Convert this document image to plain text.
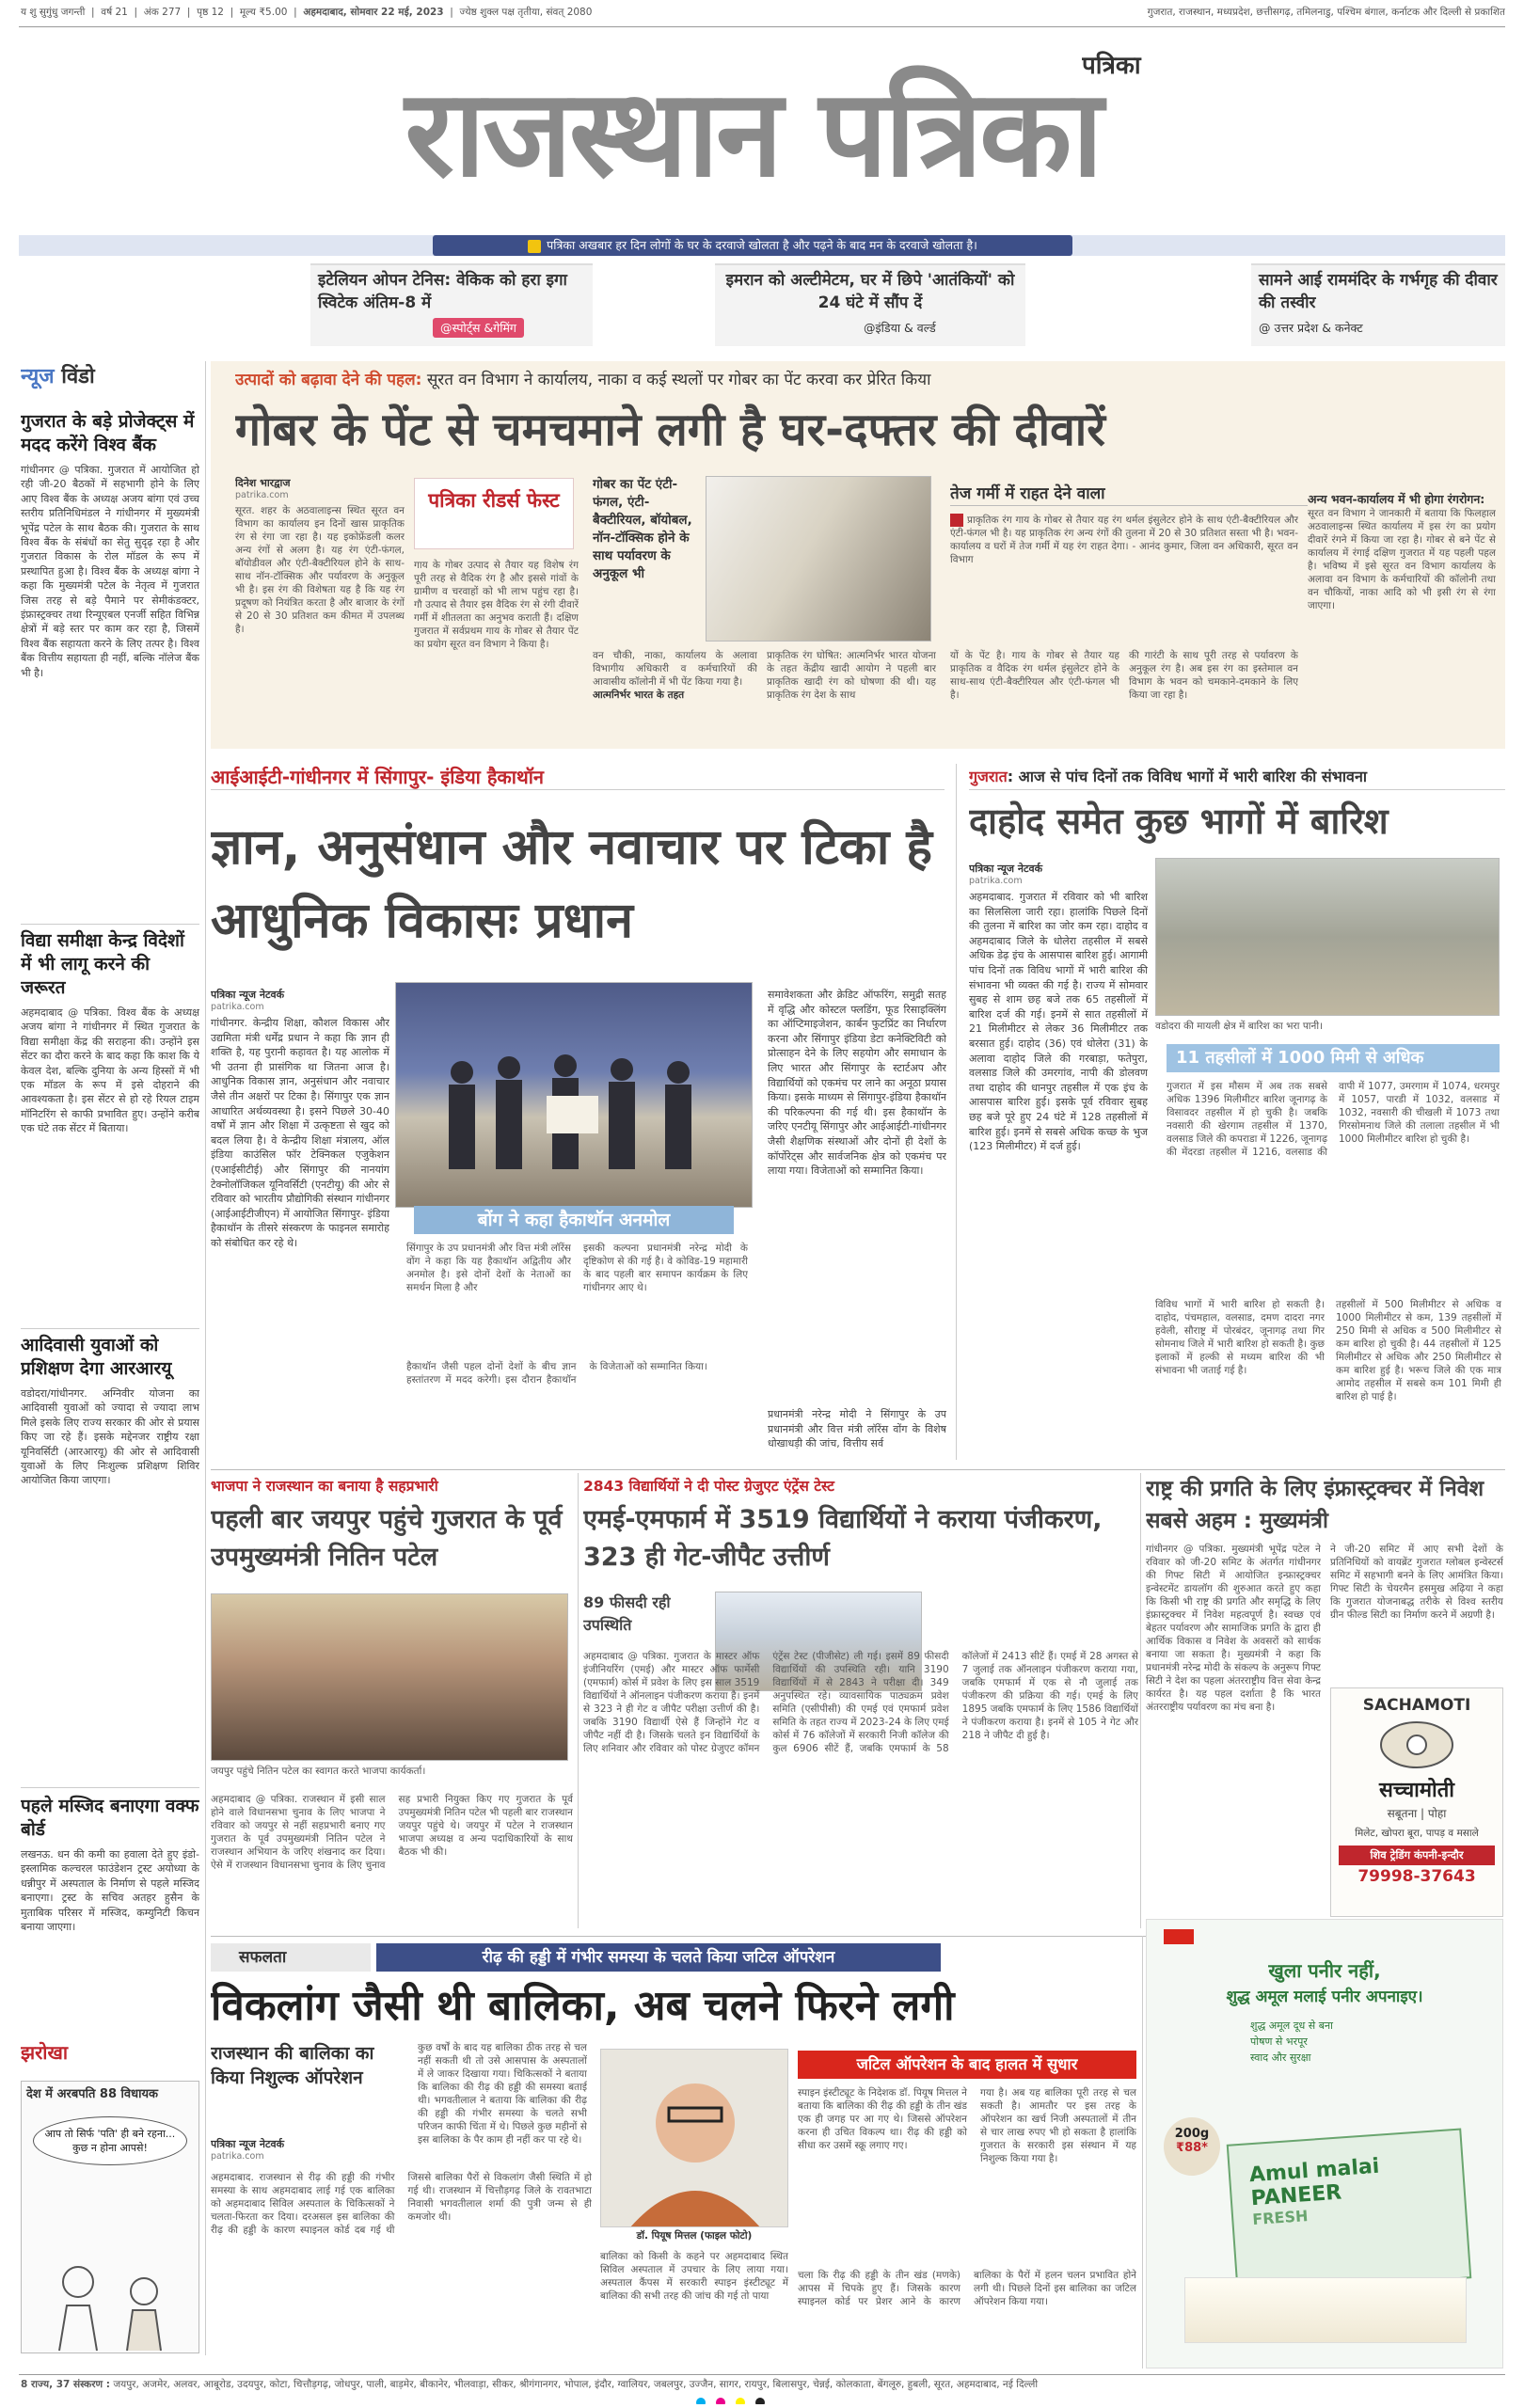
य शु सुगुंधु जगन्ती  |  वर्ष 21  |  अंक 277  |  पृष्ठ 12  |  मूल्य ₹5.00  |  अहमदाबाद, सोमवार 22 मई, 2023  |  ज्येष्ठ शुक्ल पक्ष तृतीया, संवत् 2080	गुजरात, राजस्थान, मध्यप्रदेश, छत्तीसगढ़, तमिलनाडु, पश्चिम बंगाल, कर्नाटक और दिल्ली से प्रकाशित
पत्रिका
राजस्थान पत्रिका
पत्रिका अखबार हर दिन लोगों के घर के दरवाजे खोलता है और पढ़ने के बाद मन के दरवाजे खोलता है।
इटेलियन ओपन टेनिस: वेकिक को हरा इगा स्विटेक अंतिम-8 में
@स्पोर्ट्स &गेमिंग
इमरान को अल्टीमेटम, घर में छिपे 'आतंकियों' को 24 घंटे में सौंप दें
@इंडिया & वर्ल्ड
सामने आई राममंदिर के गर्भगृह की दीवार की तस्वीर
@ उत्तर प्रदेश & कनेक्ट
न्यूज विंडो
गुजरात के बड़े प्रोजेक्ट्स में मदद करेंगे विश्व बैंक
गांधीनगर @ पत्रिका. गुजरात में आयोजित हो रही जी-20 बैठकों में सहभागी होने के लिए आए विश्व बैंक के अध्यक्ष अजय बांगा एवं उच्च स्तरीय प्रतिनिधिमंडल ने गांधीनगर में मुख्यमंत्री भूपेंद्र पटेल के साथ बैठक की। गुजरात के साथ विश्व बैंक के संबंधों का सेतु सुदृढ़ रहा है और गुजरात विकास के रोल मॉडल के रूप में प्रस्थापित हुआ है। विश्व बैंक के अध्यक्ष बांगा ने कहा कि मुख्यमंत्री पटेल के नेतृत्व में गुजरात जिस तरह से बड़े पैमाने पर सेमीकंडक्टर, इंफ्रास्ट्रक्चर तथा रिन्यूएबल एनर्जी सहित विभिन्न क्षेत्रों में बड़े स्तर पर काम कर रहा है, जिसमें विश्व बैंक सहायता करने के लिए तत्पर है। विश्व बैंक वित्तीय सहायता ही नहीं, बल्कि नॉलेज बैंक भी है।
विद्या समीक्षा केन्द्र विदेशों में भी लागू करने की जरूरत
अहमदाबाद @ पत्रिका. विश्व बैंक के अध्यक्ष अजय बांगा ने गांधीनगर में स्थित गुजरात के विद्या समीक्षा केंद्र की सराहना की। उन्होंने इस सेंटर का दौरा करने के बाद कहा कि काश कि ये केवल देश, बल्कि दुनिया के अन्य हिस्सों में भी एक मॉडल के रूप में इसे दोहराने की आवश्यकता है। इस सेंटर से हो रहे रियल टाइम मॉनिटरिंग से काफी प्रभावित हुए। उन्होंने करीब एक घंटे तक सेंटर में बिताया।
आदिवासी युवाओं को प्रशिक्षण देगा आरआरयू
वडोदरा/गांधीनगर. अग्निवीर योजना का आदिवासी युवाओं को ज्यादा से ज्यादा लाभ मिले इसके लिए राज्य सरकार की ओर से प्रयास किए जा रहे हैं। इसके मद्देनजर राष्ट्रीय रक्षा यूनिवर्सिटी (आरआरयू) की ओर से आदिवासी युवाओं के लिए निःशुल्क प्रशिक्षण शिविर आयोजित किया जाएगा।
पहले मस्जिद बनाएगा वक्फ बोर्ड
लखनऊ. धन की कमी का हवाला देते हुए इंडो-इस्लामिक कल्चरल फाउंडेशन ट्रस्ट अयोध्या के धन्नीपुर में अस्पताल के निर्माण से पहले मस्जिद बनाएगा। ट्रस्ट के सचिव अतहर हुसैन के मुताबिक परिसर में मस्जिद, कम्युनिटी किचन बनाया जाएगा।
झरोखा
देश में अरबपति 88 विधायक
आप तो सिर्फ 'पति' ही बने रहना... कुछ न होना आपसे!
उत्पादों को बढ़ावा देने की पहल: सूरत वन विभाग ने कार्यालय, नाका व कई स्थलों पर गोबर का पेंट करवा कर प्रेरित किया
गोबर के पेंट से चमचमाने लगी है घर-दफ्तर की दीवारें
दिनेश भारद्वाज
patrika.com
सूरत. शहर के अठवालाइन्स स्थित सूरत वन विभाग का कार्यालय इन दिनों खास प्राकृतिक रंग से रंगा जा रहा है। यह इकोफ्रेंडली कलर अन्य रंगों से अलग है। यह रंग एंटी-फंगल, बॉयोडीवल और एंटी-बैक्टीरियल होने के साथ-साथ नॉन-टॉक्सिक और पर्यावरण के अनुकूल भी है। इस रंग की विशेषता यह है कि यह रंग प्रदूषण को नियंत्रित करता है और बाजार के रंगों से 20 से 30 प्रतिशत कम कीमत में उपलब्ध है।
पत्रिका रीडर्स फेस्ट
गाय के गोबर उत्पाद से तैयार यह विशेष रंग पूरी तरह से वैदिक रंग है और इससे गांवों के ग्रामीण व चरवाहों को भी लाभ पहुंच रहा है। गौ उत्पाद से तैयार इस वैदिक रंग से रंगी दीवारें गर्मी में शीतलता का अनुभव कराती हैं। दक्षिण गुजरात में सर्वप्रथम गाय के गोबर से तैयार पेंट का प्रयोग सूरत वन विभाग ने किया है।
गोबर का पेंट एंटी-फंगल, एंटी-बैक्टीरियल, बॉयोबल, नॉन-टॉक्सिक होने के साथ पर्यावरण के अनुकूल भी
वन चौकी, नाका, कार्यालय के अलावा विभागीय अधिकारी व कर्मचारियों की आवासीय कॉलोनी में भी पेंट किया गया है।
आत्मनिर्भर भारत के तहत
प्राकृतिक रंग घोषित: आत्मनिर्भर भारत योजना के तहत केंद्रीय खादी आयोग ने पहली बार प्राकृतिक खादी रंग को घोषणा की थी। यह प्राकृतिक रंग देश के साथ
तेज गर्मी में राहत देने वाला
प्राकृतिक रंग गाय के गोबर से तैयार यह रंग थर्मल इंसुलेटर होने के साथ एंटी-बैक्टीरियल और एंटी-फंगल भी है। यह प्राकृतिक रंग अन्य रंगों की तुलना में 20 से 30 प्रतिशत सस्ता भी है। भवन-कार्यालय व घरों में तेज गर्मी में यह रंग राहत देगा। - आनंद कुमार, जिला वन अधिकारी, सूरत वन विभाग
यों के पेंट है। गाय के गोबर से तैयार यह प्राकृतिक व वैदिक रंग थर्मल इंसुलेटर होने के साथ-साथ एंटी-बैक्टीरियल और एंटी-फंगल भी है।
की गारंटी के साथ पूरी तरह से पर्यावरण के अनुकूल रंग है। अब इस रंग का इस्तेमाल वन विभाग के भवन को चमकाने-दमकाने के लिए किया जा रहा है।
अन्य भवन-कार्यालय में भी होगा रंगरोगन:
सूरत वन विभाग ने जानकारी में बताया कि फिलहाल अठवालाइन्स स्थित कार्यालय में इस रंग का प्रयोग दीवारें रंगने में किया जा रहा है। गोबर से बने पेंट से कार्यालय में रंगाई दक्षिण गुजरात में यह पहली पहल है। भविष्य में इसे सूरत वन विभाग कार्यालय के अलावा वन विभाग के कर्मचारियों की कॉलोनी तथा वन चौकियों, नाका आदि को भी इसी रंग से रंगा जाएगा।
आईआईटी-गांधीनगर में सिंगापुर- इंडिया हैकाथॉन
ज्ञान, अनुसंधान और नवाचार पर टिका है आधुनिक विकासः प्रधान
पत्रिका न्यूज नेटवर्क
patrika.com
गांधीनगर. केन्द्रीय शिक्षा, कौशल विकास और उद्यमिता मंत्री धर्मेंद्र प्रधान ने कहा कि ज्ञान ही शक्ति है, यह पुरानी कहावत है। यह आलोक में भी उतना ही प्रासंगिक था जितना आज है। आधुनिक विकास ज्ञान, अनुसंधान और नवाचार जैसे तीन अक्षरों पर टिका है। सिंगापुर एक ज्ञान आधारित अर्थव्यवस्था है। इसने पिछले 30-40 वर्षों में ज्ञान और शिक्षा में उत्कृष्टता से खुद को बदल लिया है। वे केन्द्रीय शिक्षा मंत्रालय, ऑल इंडिया काउंसिल फॉर टेक्निकल एजुकेशन (एआईसीटीई) और सिंगापुर की नानयांग टेक्नोलॉजिकल यूनिवर्सिटी (एनटीयू) की ओर से रविवार को भारतीय प्रौद्योगिकी संस्थान गांधीनगर (आईआईटीजीएन) में आयोजित सिंगापुर- इंडिया हैकाथॉन के तीसरे संस्करण के फाइनल समारोह को संबोधित कर रहे थे।
बोंग ने कहा हैकाथॉन अनमोल
सिंगापुर के उप प्रधानमंत्री और वित्त मंत्री लॉरेंस वोंग ने कहा कि यह हैकाथॉन अद्वितीय और अनमोल है। इसे दोनों देशों के नेताओं का समर्थन मिला है और
इसकी कल्पना प्रधानमंत्री नरेन्द्र मोदी के दृष्टिकोण से की गई है। वे कोविड-19 महामारी के बाद पहली बार समापन कार्यक्रम के लिए गांधीनगर आए थे।
हैकाथॉन जैसी पहल दोनों देशों के बीच ज्ञान हस्तांतरण में मदद करेगी। इस दौरान हैकाथॉन के विजेताओं को सम्मानित किया।
समावेशकता और क्रेडिट ऑफरिंग, समुद्री सतह में वृद्धि और कोस्टल फ्लडिंग, फूड रिसाइक्लिंग का ऑप्टिमाइजेशन, कार्बन फुटप्रिंट का निर्धारण करना और सिंगापुर इंडिया डेटा कनेक्टिविटी को प्रोत्साहन देने के लिए सहयोग और समाधान के लिए भारत और सिंगापुर के स्टार्टअप और विद्यार्थियों को एकमंच पर लाने का अनूठा प्रयास किया। इसके माध्यम से सिंगापुर-इंडिया हैकाथॉन की परिकल्पना की गई थी। इस हैकाथॉन के जरिए एनटीयू सिंगापुर और आईआईटी-गांधीनगर जैसी शैक्षणिक संस्थाओं और दोनों ही देशों के कॉर्पोरेट्स और सार्वजनिक क्षेत्र को एकमंच पर लाया गया। विजेताओं को सम्मानित किया।
प्रधानमंत्री नरेन्द्र मोदी ने सिंगापुर के उप प्रधानमंत्री और वित्त मंत्री लॉरेंस वोंग के विशेष धोखाधड़ी की जांच, वित्तीय सर्व
गुजरात: आज से पांच दिनों तक विविध भागों में भारी बारिश की संभावना
दाहोद समेत कुछ भागों में बारिश
पत्रिका न्यूज नेटवर्क
patrika.com
अहमदाबाद. गुजरात में रविवार को भी बारिश का सिलसिला जारी रहा। हालांकि पिछले दिनों की तुलना में बारिश का जोर कम रहा। दाहोद व अहमदाबाद जिले के धोलेरा तहसील में सबसे अधिक डेढ़ इंच के आसपास बारिश हुई। आगामी पांच दिनों तक विविध भागों में भारी बारिश की संभावना भी व्यक्त की गई है। राज्य में सोमवार सुबह से शाम छह बजे तक 65 तहसीलों में बारिश दर्ज की गई। इनमें से सात तहसीलों में 21 मिलीमीटर से लेकर 36 मिलीमीटर तक बरसात हुई। दाहोद (36) एवं धोलेरा (31) के अलावा दाहोद जिले की गरबाड़ा, फतेपुरा, वलसाड जिले की उमरगांव, नापी की डोलवण तथा दाहोद की धानपुर तहसील में एक इंच के आसपास बारिश हुई। इसके पूर्व रविवार सुबह छह बजे पूरे हुए 24 घंटे में 128 तहसीलों में बारिश हुई। इनमें से सबसे अधिक कच्छ के भुज (123 मिलीमीटर) में दर्ज हुई।
वडोदरा की मायली क्षेत्र में बारिश का भरा पानी।
11 तहसीलों में 1000 मिमी से अधिक
गुजरात में इस मौसम में अब तक सबसे अधिक 1396 मिलीमीटर बारिश जूनागढ़ के विसावदर तहसील में हो चुकी है। जबकि नवसारी की खेरगाम तहसील में 1370, वलसाड जिले की कपराडा में 1226, जूनागढ़ की मेंदरडा तहसील में 1216, वलसाड की वापी में 1077, उमरगाम में 1074, धरमपुर में 1057, पारडी में 1032, वलसाड में 1032, नवसारी की चीखली में 1073 तथा गिरसोमनाथ जिले की तलाला तहसील में भी 1000 मिलीमीटर बारिश हो चुकी है।
विविध भागों में भारी बारिश हो सकती है। दाहोद, पंचमहाल, वलसाड, दमण दादरा नगर हवेली, सौराष्ट्र में पोरबंदर, जूनागढ़ तथा गिर सोमनाथ जिले में भारी बारिश हो सकती है। कुछ इलाकों में हल्की से मध्यम बारिश की भी संभावना भी जताई गई है।
तहसीलों में 500 मिलीमीटर से अधिक व 1000 मिलीमीटर से कम, 139 तहसीलों में 250 मिमी से अधिक व 500 मिलीमीटर से कम बारिश हो चुकी है। 44 तहसीलों में 125 मिलीमीटर से अधिक और 250 मिलीमीटर से कम बारिश हुई है। भरूच जिले की एक मात्र आमोद तहसील में सबसे कम 101 मिमी ही बारिश हो पाई है।
भाजपा ने राजस्थान का बनाया है सहप्रभारी
पहली बार जयपुर पहुंचे गुजरात के पूर्व उपमुख्यमंत्री नितिन पटेल
जयपुर पहुंचे नितिन पटेल का स्वागत करते भाजपा कार्यकर्ता।
अहमदाबाद @ पत्रिका. राजस्थान में इसी साल होने वाले विधानसभा चुनाव के लिए भाजपा ने रविवार को जयपुर से नहीं सहप्रभारी बनाए गए गुजरात के पूर्व उपमुख्यमंत्री नितिन पटेल ने राजस्थान अभियान के जरिए शंखनाद कर दिया। ऐसे में राजस्थान विधानसभा चुनाव के लिए चुनाव सह प्रभारी नियुक्त किए गए गुजरात के पूर्व उपमुख्यमंत्री नितिन पटेल भी पहली बार राजस्थान जयपुर पहुंचे थे। जयपुर में पटेल ने राजस्थान भाजपा अध्यक्ष व अन्य पदाधिकारियों के साथ बैठक भी की।
2843 विद्यार्थियों ने दी पोस्ट ग्रेजुएट एंट्रेंस टेस्ट
एमई-एमफार्म में 3519 विद्यार्थियों ने कराया पंजीकरण, 323 ही गेट-जीपैट उत्तीर्ण
89 फीसदी रही उपस्थिति
अहमदाबाद @ पत्रिका. गुजरात के मास्टर ऑफ इंजीनियरिंग (एमई) और मास्टर ऑफ फार्मेसी (एमफार्म) कोर्स में प्रवेश के लिए इस साल 3519 विद्यार्थियों ने ऑनलाइन पंजीकरण कराया है। इनमें से 323 ने ही गेट व जीपैट परीक्षा उत्तीर्ण की है। जबकि 3190 विद्यार्थी ऐसे हैं जिन्होंने गेट व जीपैट नहीं दी है। जिसके चलते इन विद्यार्थियों के लिए शनिवार और रविवार को पोस्ट ग्रेजुएट कॉमन एंट्रेंस टेस्ट (पीजीसेट) ली गई। इसमें 89 फीसदी विद्यार्थियों की उपस्थिति रही। यानि 3190 विद्यार्थियों में से 2843 ने परीक्षा दी। 349 अनुपस्थित रहे। व्यावसायिक पाठ्यक्रम प्रवेश समिति (एसीपीसी) की एमई एवं एमफार्म प्रवेश समिति के तहत राज्य में 2023-24 के लिए एमई कोर्स में 76 कॉलेजों में सरकारी निजी कॉलेज की कुल 6906 सीटें हैं, जबकि एमफार्म के 58 कॉलेजों में 2413 सीटें हैं। एमई में 28 अगस्त से 7 जुलाई तक ऑनलाइन पंजीकरण कराया गया, जबकि एमफार्म में एक से नौ जुलाई तक पंजीकरण की प्रक्रिया की गई। एमई के लिए 1895 जबकि एमफार्म के लिए 1586 विद्यार्थियों ने पंजीकरण कराया है। इनमें से 105 ने गेट और 218 ने जीपैट दी हुई है।
राष्ट्र की प्रगति के लिए इंफ्रास्ट्रक्चर में निवेश सबसे अहम : मुख्यमंत्री
गांधीनगर @ पत्रिका. मुख्यमंत्री भूपेंद्र पटेल ने रविवार को जी-20 समिट के अंतर्गत गांधीनगर की गिफ्ट सिटी में आयोजित इन्फ्रास्ट्रक्चर इन्वेस्टमेंट डायलॉग की शुरुआत करते हुए कहा कि किसी भी राष्ट्र की प्रगति और समृद्धि के लिए इंफ्रास्ट्रक्चर में निवेश महत्वपूर्ण है। स्वच्छ एवं बेहतर पर्यावरण और सामाजिक प्रगति के द्वारा ही आर्थिक विकास व निवेश के अवसरों को सार्थक बनाया जा सकता है। मुख्यमंत्री ने कहा कि प्रधानमंत्री नरेन्द्र मोदी के संकल्प के अनुरूप गिफ्ट सिटी ने देश का पहला अंतरराष्ट्रीय वित्त सेवा केन्द्र कार्यरत है। यह पहल दर्शाता है कि भारत अंतरराष्ट्रीय पर्यावरण का मंच बना है।
ने जी-20 समिट में आए सभी देशों के प्रतिनिधियों को वायब्रेंट गुजरात ग्लोबल इन्वेस्टर्स समिट में सहभागी बनने के लिए आमंत्रित किया। गिफ्ट सिटी के चेयरमैन हसमुख अढ़िया ने कहा कि गुजरात योजनाबद्ध तरीके से विश्व स्तरीय ग्रीन फील्ड सिटी का निर्माण करने में अग्रणी है।
SACHAMOTI
सच्चामोती
सबूतना | पोहा
मिलेट, खोपरा बूरा, पापड़ व मसाले
शिव ट्रेडिंग कंपनी-इन्दौर
79998-37643
सफलता	रीढ़ की हड्डी में गंभीर समस्या के चलते किया जटिल ऑपरेशन
विकलांग जैसी थी बालिका, अब चलने फिरने लगी
राजस्थान की बालिका का किया निशुल्क ऑपरेशन
पत्रिका न्यूज नेटवर्क
patrika.com
अहमदाबाद. राजस्थान से रीढ़ की हड्डी की गंभीर समस्या के साथ अहमदाबाद लाई गई एक बालिका को अहमदाबाद सिविल अस्पताल के चिकित्सकों ने चलता-फिरता कर दिया। दरअसल इस बालिका की रीढ़ की हड्डी के कारण स्पाइनल कोर्ड दब गई थी जिससे बालिका पैरों से विकलांग जैसी स्थिति में हो गई थी। राजस्थान में चित्तौड़गढ़ जिले के रावतभाटा निवासी भगवतीलाल शर्मा की पुत्री जन्म से ही कमजोर थी।
कुछ वर्षों के बाद यह बालिका ठीक तरह से चल नहीं सकती थी तो उसे आसपास के अस्पतालों में ले जाकर दिखाया गया। चिकित्सकों ने बताया कि बालिका की रीढ़ की हड्डी की समस्या बताई थी। भगवतीलाल ने बताया कि बालिका की रीढ़ की हड्डी की गंभीर समस्या के चलते सभी परिजन काफी चिंता में थे। पिछले कुछ महीनों से इस बालिका के पैर काम ही नहीं कर पा रहे थे।
डॉ. पियूष मित्तल (फाइल फोटो)
बालिका को किसी के कहने पर अहमदाबाद स्थित सिविल अस्पताल में उपचार के लिए लाया गया। अस्पताल कैंपस में सरकारी स्पाइन इंस्टीट्यूट में बालिका की सभी तरह की जांच की गई तो पाया
जटिल ऑपरेशन के बाद हालत में सुधार
स्पाइन इंस्टीट्यूट के निदेशक डॉ. पियूष मित्तल ने बताया कि बालिका की रीढ़ की हड्डी के तीन खंड एक ही जगह पर आ गए थे। जिससे ऑपरेशन करना ही उचित विकल्प था। रीढ़ की हड्डी को सीधा कर उसमें स्क्रू लगाए गए।
गया है। अब यह बालिका पूरी तरह से चल सकती है। आमतौर पर इस तरह के ऑपरेशन का खर्च निजी अस्पतालों में तीन से चार लाख रुपए भी हो सकता है हालांकि गुजरात के सरकारी इस संस्थान में यह निशुल्क किया गया है।
चला कि रीढ़ की हड्डी के तीन खंड (मणके) आपस में चिपके हुए हैं। जिसके कारण स्पाइनल कोर्ड पर प्रेशर आने के कारण बालिका के पैरों में हलन चलन प्रभावित होने लगी थी। पिछले दिनों इस बालिका का जटिल ऑपरेशन किया गया।
खुला पनीर नहीं,
शुद्ध अमूल मलाई पनीर अपनाइए।
शुद्ध अमूल दूध से बना
पोषण से भरपूर
स्वाद और सुरक्षा
200g
₹88*
Amul malai PANEER
FRESH
8 राज्य, 37 संस्करण : जयपुर, अजमेर, अलवर, आबूरोड, उदयपुर, कोटा, चित्तौड़गढ़, जोधपुर, पाली, बाड़मेर, बीकानेर, भीलवाड़ा, सीकर, श्रीगंगानगर, भोपाल, इंदौर, ग्वालियर, जबलपुर, उज्जैन, सागर, रायपुर, बिलासपुर, चेन्नई, कोलकाता, बेंगलूरु, हुबली, सूरत, अहमदाबाद, नई दिल्ली
